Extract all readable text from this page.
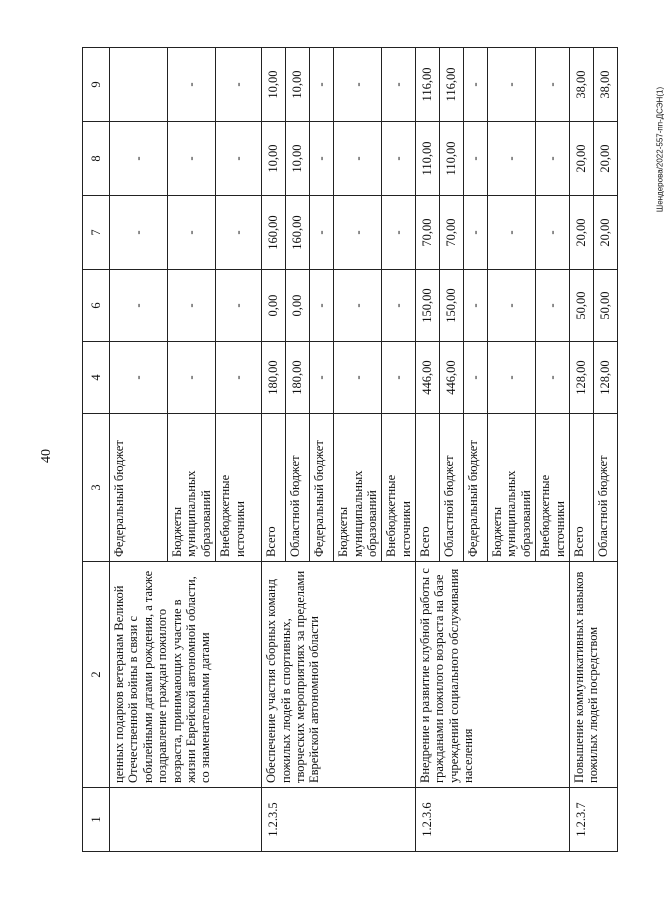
40
Шендерова/2022-557-пп-ДСЭН(1)
1	2	3	4	6	7	8	9
	ценных подарков ветеранам Великой Отечественной войны в связи с юбилейными датами рождения, а также поздравление граждан пожилого возраста, принимающих участие в жизни Еврейской автономной области, со знаменательными датами	Федеральный бюджет	-	-	-	-	
		Бюджеты муниципальных образований	-	-	-	-	-
		Внебюджетные источники	-	-	-	-	-
1.2.3.5	Обеспечение участия сборных команд пожилых людей в спортивных, творческих мероприятиях за пределами Еврейской автономной области	Всего	180,00	0,00	160,00	10,00	10,00
		Областной бюджет	180,00	0,00	160,00	10,00	10,00
		Федеральный бюджет	-	-	-	-	-
		Бюджеты муниципальных образований	-	-	-	-	-
		Внебюджетные источники	-	-	-	-	-
1.2.3.6	Внедрение и развитие клубной работы с гражданами пожилого возраста на базе учреждений социального обслуживания населения	Всего	446,00	150,00	70,00	110,00	116,00
		Областной бюджет	446,00	150,00	70,00	110,00	116,00
		Федеральный бюджет	-	-	-	-	-
		Бюджеты муниципальных образований	-	-	-	-	-
		Внебюджетные источники	-	-	-	-	-
1.2.3.7	Повышение коммуникативных навыков пожилых людей посредством	Всего	128,00	50,00	20,00	20,00	38,00
		Областной бюджет	128,00	50,00	20,00	20,00	38,00
